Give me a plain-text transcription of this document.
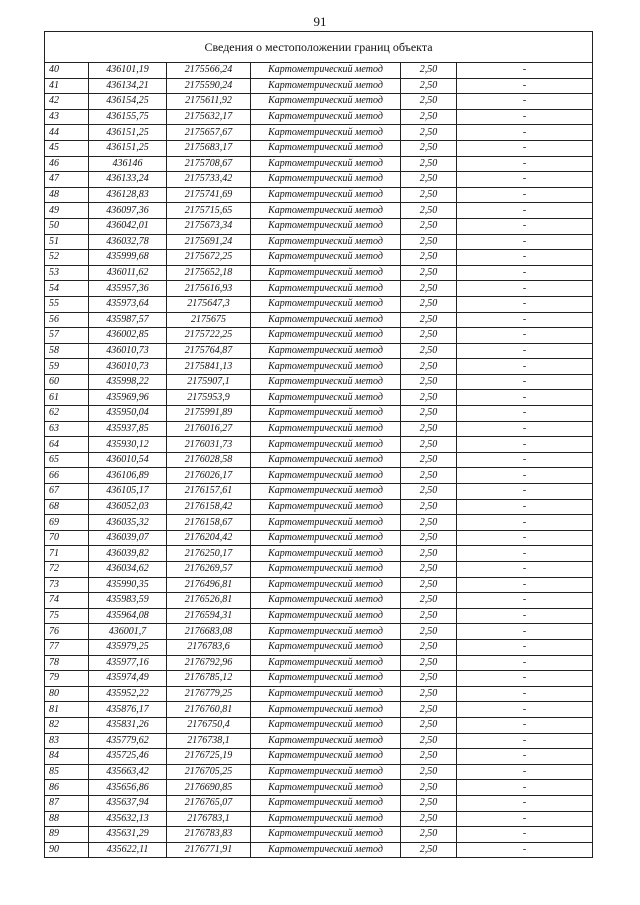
91
Сведения о местоположении границ объекта					
40	436101,19	2175566,24	Картометрический метод	2,50	-
41	436134,21	2175590,24	Картометрический метод	2,50	-
42	436154,25	2175611,92	Картометрический метод	2,50	-
43	436155,75	2175632,17	Картометрический метод	2,50	-
44	436151,25	2175657,67	Картометрический метод	2,50	-
45	436151,25	2175683,17	Картометрический метод	2,50	-
46	436146	2175708,67	Картометрический метод	2,50	-
47	436133,24	2175733,42	Картометрический метод	2,50	-
48	436128,83	2175741,69	Картометрический метод	2,50	-
49	436097,36	2175715,65	Картометрический метод	2,50	-
50	436042,01	2175673,34	Картометрический метод	2,50	-
51	436032,78	2175691,24	Картометрический метод	2,50	-
52	435999,68	2175672,25	Картометрический метод	2,50	-
53	436011,62	2175652,18	Картометрический метод	2,50	-
54	435957,36	2175616,93	Картометрический метод	2,50	-
55	435973,64	2175647,3	Картометрический метод	2,50	-
56	435987,57	2175675	Картометрический метод	2,50	-
57	436002,85	2175722,25	Картометрический метод	2,50	-
58	436010,73	2175764,87	Картометрический метод	2,50	-
59	436010,73	2175841,13	Картометрический метод	2,50	-
60	435998,22	2175907,1	Картометрический метод	2,50	-
61	435969,96	2175953,9	Картометрический метод	2,50	-
62	435950,04	2175991,89	Картометрический метод	2,50	-
63	435937,85	2176016,27	Картометрический метод	2,50	-
64	435930,12	2176031,73	Картометрический метод	2,50	-
65	436010,54	2176028,58	Картометрический метод	2,50	-
66	436106,89	2176026,17	Картометрический метод	2,50	-
67	436105,17	2176157,61	Картометрический метод	2,50	-
68	436052,03	2176158,42	Картометрический метод	2,50	-
69	436035,32	2176158,67	Картометрический метод	2,50	-
70	436039,07	2176204,42	Картометрический метод	2,50	-
71	436039,82	2176250,17	Картометрический метод	2,50	-
72	436034,62	2176269,57	Картометрический метод	2,50	-
73	435990,35	2176496,81	Картометрический метод	2,50	-
74	435983,59	2176526,81	Картометрический метод	2,50	-
75	435964,08	2176594,31	Картометрический метод	2,50	-
76	436001,7	2176683,08	Картометрический метод	2,50	-
77	435979,25	2176783,6	Картометрический метод	2,50	-
78	435977,16	2176792,96	Картометрический метод	2,50	-
79	435974,49	2176785,12	Картометрический метод	2,50	-
80	435952,22	2176779,25	Картометрический метод	2,50	-
81	435876,17	2176760,81	Картометрический метод	2,50	-
82	435831,26	2176750,4	Картометрический метод	2,50	-
83	435779,62	2176738,1	Картометрический метод	2,50	-
84	435725,46	2176725,19	Картометрический метод	2,50	-
85	435663,42	2176705,25	Картометрический метод	2,50	-
86	435656,86	2176690,85	Картометрический метод	2,50	-
87	435637,94	2176765,07	Картометрический метод	2,50	-
88	435632,13	2176783,1	Картометрический метод	2,50	-
89	435631,29	2176783,83	Картометрический метод	2,50	-
90	435622,11	2176771,91	Картометрический метод	2,50	-
